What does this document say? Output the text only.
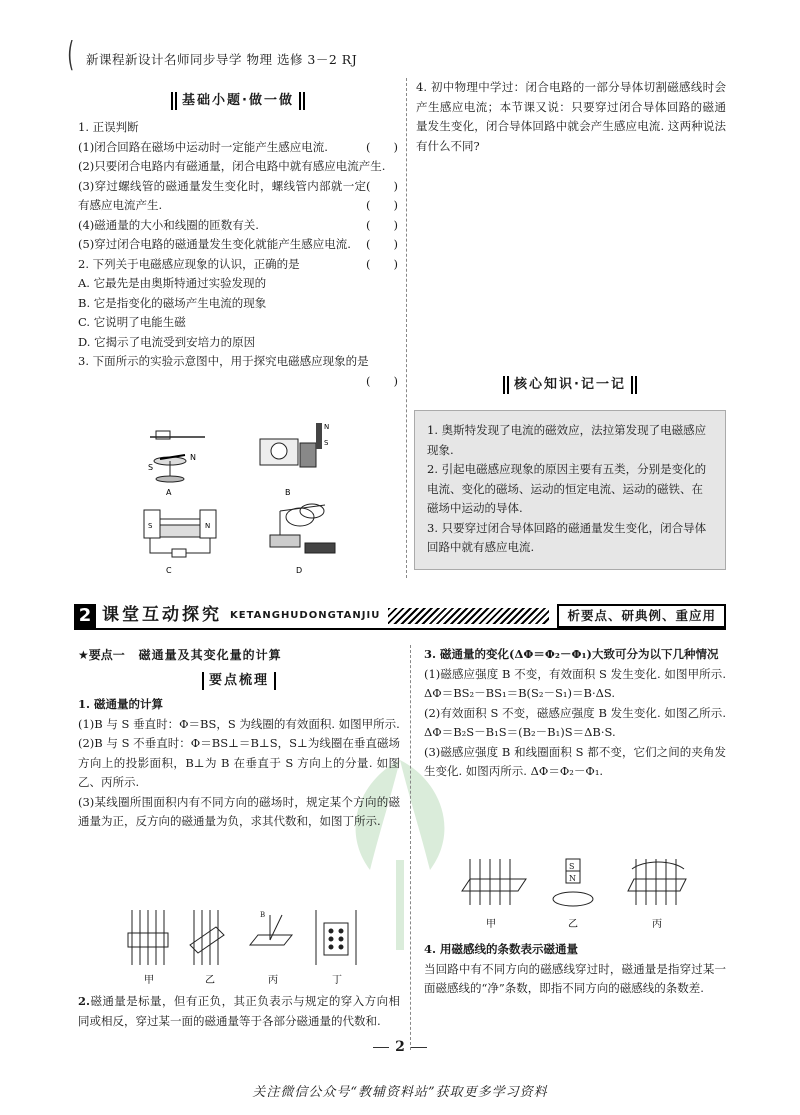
( 新课程新设计名师同步导学 物理 选修 3－2 RJ
基础小题·做一做

1. 正误判断

(1)闭合回路在磁场中运动时一定能产生感应电流.	(　　)

(2)只要闭合电路内有磁通量，闭合电路中就有感应电流产生.
(　　)

(3)穿过螺线管的磁通量发生变化时，螺线管内部就一定有感应电流产生.	(　　)

(4)磁通量的大小和线圈的匝数有关.	(　　)

(5)穿过闭合电路的磁通量发生变化就能产生感应电流. (　　)

2. 下列关于电磁感应现象的认识，正确的是	(　　)

A. 它最先是由奥斯特通过实验发现的

B. 它是指变化的磁场产生电流的现象

C. 它说明了电能生磁

D. 它揭示了电流受到安培力的原因

3. 下面所示的实验示意图中，用于探究电磁感应现象的是
(　　)

S
N
A
N
S
B
S	N
C	D

4. 初中物理中学过：闭合电路的一部分导体切割磁感线时会产生感应电流；本节课又说：只要穿过闭合导体回路的磁通量发生变化，闭合导体回路中就会产生感应电流. 这两种说法有什么不同?

核心知识·记一记

1. 奥斯特发现了电流的磁效应，法拉第发现了电磁感应现象.

2. 引起电磁感应现象的原因主要有五类，分别是变化的电流、变化的磁场、运动的恒定电流、运动的磁铁、在磁场中运动的导体.

3. 只要穿过闭合导体回路的磁通量发生变化，闭合导体回路中就有感应电流.

2 课堂互动探究 KETANGHUDONGTANJIU	析要点、研典例、重应用
★要点一 磁通量及其变化量的计算
要点梳理

1. 磁通量的计算

(1)B 与 S 垂直时：Φ＝BS，S 为线圈的有效面积. 如图甲所示.

(2)B 与 S 不垂直时：Φ＝BS⊥＝B⊥S，S⊥为线圈在垂直磁场方向上的投影面积，B⊥为 B 在垂直于 S 方向上的分量. 如图乙、丙所示.

(3)某线圈所围面积内有不同方向的磁场时，规定某个方向的磁通量为正，反方向的磁通量为负，求其代数和，如图丁所示.

B
甲	乙	丙	丁

2.磁通量是标量，但有正负，其正负表示与规定的穿入方向相同或相反，穿过某一面的磁通量等于各部分磁通量的代数和.

3. 磁通量的变化(ΔΦ＝Φ₂－Φ₁)大致可分为以下几种情况

(1)磁感应强度 B 不变，有效面积 S 发生变化. 如图甲所示. ΔΦ＝BS₂－BS₁＝B(S₂－S₁)＝B·ΔS.

(2)有效面积 S 不变，磁感应强度 B 发生变化. 如图乙所示. ΔΦ＝B₂S－B₁S＝(B₂－B₁)S＝ΔB·S.

(3)磁感应强度 B 和线圈面积 S 都不变，它们之间的夹角发生变化. 如图丙所示. ΔΦ＝Φ₂－Φ₁.

S
N
甲	乙	丙

4. 用磁感线的条数表示磁通量

当回路中有不同方向的磁感线穿过时，磁通量是指穿过某一面磁感线的“净”条数，即指不同方向的磁感线的条数差.

2
关注微信公众号“教辅资料站”获取更多学习资料
